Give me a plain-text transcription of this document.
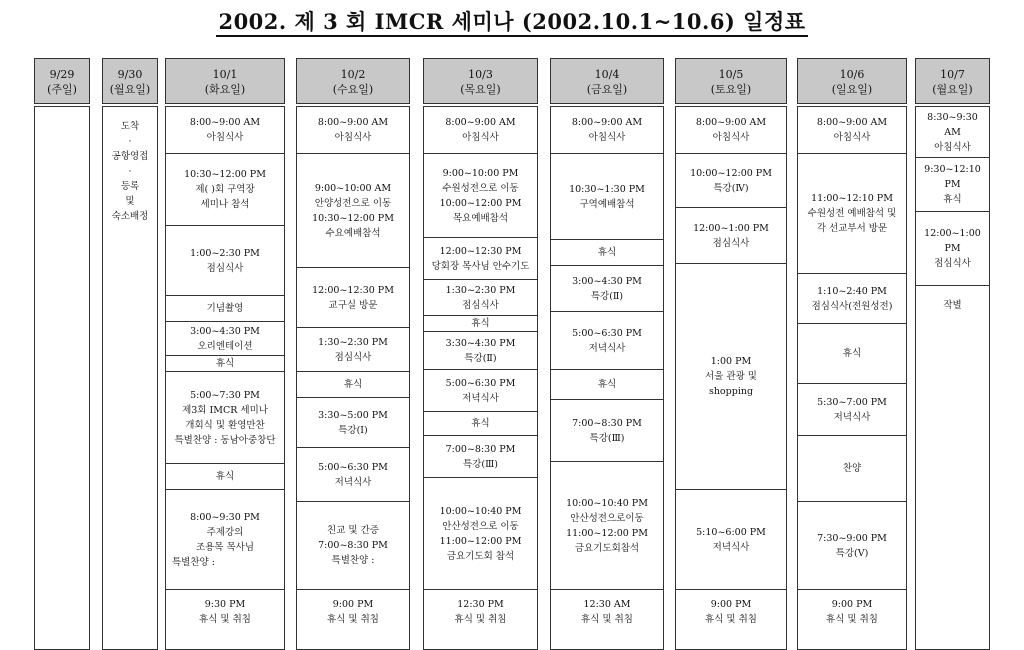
2002. 제 3 회 IMCR 세미나 (2002.10.1~10.6) 일정표
9/29
(주일)
9/30
(월요일)
도착
·
공항영접
·
등록
및
숙소배정
10/1
(화요일)
8:00~9:00 AM
아침식사
10:30~12:00 PM
제( )회 구역장
세미나 참석
1:00~2:30 PM
점심식사
기념촬영
3:00~4:30 PM
오리엔테이션
휴식
5:00~7:30 PM
제3회 IMCR 세미나
개회식 및 환영만찬
특별찬양 : 동남아중창단
휴식
8:00~9:30 PM
주제강의
조용목 목사님
특별찬양 :
9:30 PM
휴식 및 취침
10/2
(수요일)
8:00~9:00 AM
아침식사
9:00~10:00 AM
안양성전으로 이동
10:30~12:00 PM
수요예배참석
12:00~12:30 PM
교구실 방문
1:30~2:30 PM
점심식사
휴식
3:30~5:00 PM
특강(Ⅰ)
5:00~6:30 PM
저녁식사
친교 및 간증
7:00~8:30 PM
특별찬양 :
9:00 PM
휴식 및 취침
10/3
(목요일)
8:00~9:00 AM
아침식사
9:00~10:00 PM
수원성전으로 이동
10:00~12:00 PM
목요예배참석
12:00~12:30 PM
당회장 목사님 안수기도
1:30~2:30 PM
점심식사
휴식
3:30~4:30 PM
특강(Ⅱ)
5:00~6:30 PM
저녁식사
휴식
7:00~8:30 PM
특강(Ⅲ)
10:00~10:40 PM
안산성전으로 이동
11:00~12:00 PM
금요기도회 참석
12:30 PM
휴식 및 취침
10/4
(금요일)
8:00~9:00 AM
아침식사
10:30~1:30 PM
구역예배참석
휴식
3:00~4:30 PM
특강(Ⅱ)
5:00~6:30 PM
저녁식사
휴식
7:00~8:30 PM
특강(Ⅲ)
10:00~10:40 PM
안산성전으로이동
11:00~12:00 PM
금요기도회참석
12:30 AM
휴식 및 취침
10/5
(토요일)
8:00~9:00 AM
아침식사
10:00~12:00 PM
특강(Ⅳ)
12:00~1:00 PM
점심식사
1:00 PM
서울 관광 및
shopping
5:10~6:00 PM
저녁식사
9:00 PM
휴식 및 취침
10/6
(일요일)
8:00~9:00 AM
아침식사
11:00~12:10 PM
수원성전 예배참석 및
각 선교부서 방문
1:10~2:40 PM
점심식사(전원성전)
휴식
5:30~7:00 PM
저녁식사
찬양
7:30~9:00 PM
특강(Ⅴ)
9:00 PM
휴식 및 취침
10/7
(월요일)
8:30~9:30
AM
아침식사
9:30~12:10
PM
휴식
12:00~1:00
PM
점심식사
작별
